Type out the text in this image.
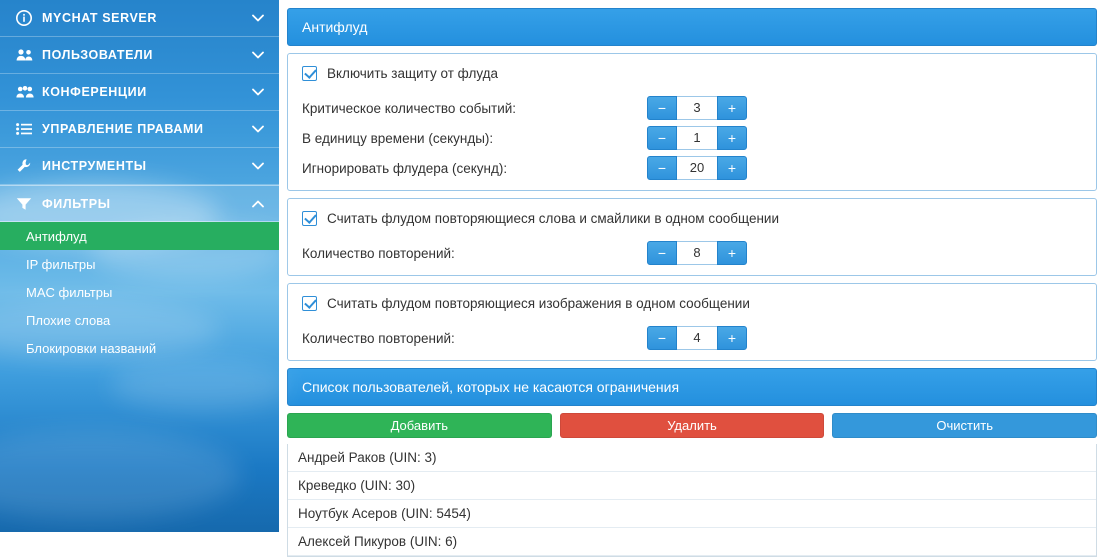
MYCHAT SERVER
ПОЛЬЗОВАТЕЛИ
КОНФЕРЕНЦИИ
УПРАВЛЕНИЕ ПРАВАМИ
ИНСТРУМЕНТЫ
ФИЛЬТРЫ
Антифлуд
IP фильтры
MAC фильтры
Плохие слова
Блокировки названий
Антифлуд
Включить защиту от флуда
Критическое количество событий:	−	3	+
В единицу времени (секунды):	−	1	+
Игнорировать флудера (секунд):	−	20	+
Считать флудом повторяющиеся слова и смайлики в одном сообщении
Количество повторений:	−	8	+
Считать флудом повторяющиеся изображения в одном сообщении
Количество повторений:	−	4	+
Список пользователей, которых не касаются ограничения
Добавить	Удалить	Очистить
Андрей Раков (UIN: 3)
Креведко (UIN: 30)
Ноутбук Асеров (UIN: 5454)
Алексей Пикуров (UIN: 6)
